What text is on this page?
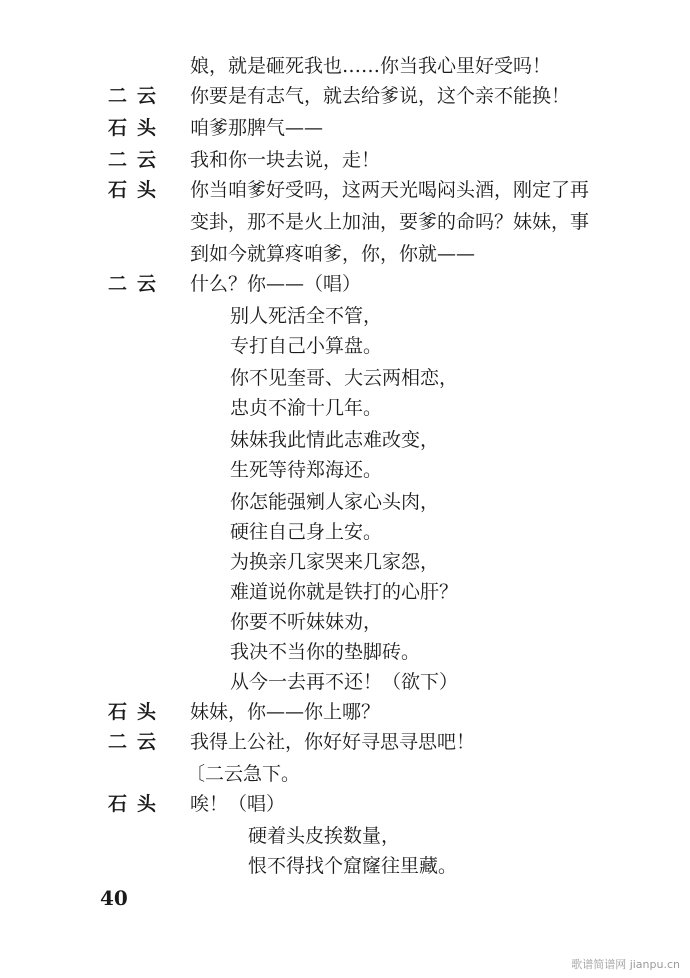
娘，就是砸死我也……你当我心里好受吗！
二云	你要是有志气，就去给爹说，这个亲不能换！
石头	咱爹那脾气——
二云	我和你一块去说，走！
石头	你当咱爹好受吗，这两天光喝闷头酒，刚定了再
变卦，那不是火上加油，要爹的命吗？妹妹，事
到如今就算疼咱爹，你，你就——
二云	什么？你——（唱）
别人死活全不管，
专打自己小算盘。
你不见奎哥、大云两相恋，
忠贞不渝十几年。
妹妹我此情此志难改变，
生死等待郑海还。
你怎能强剜人家心头肉，
硬往自己身上安。
为换亲几家哭来几家怨，
难道说你就是铁打的心肝？
你要不听妹妹劝，
我决不当你的垫脚砖。
从今一去再不还！（欲下）
石头	妹妹，你——你上哪？
二云	我得上公社，你好好寻思寻思吧！
〔二云急下。
石头	唉！（唱）
硬着头皮挨数量，
恨不得找个窟窿往里藏。
40
歌谱简谱网 jianpu.cn
